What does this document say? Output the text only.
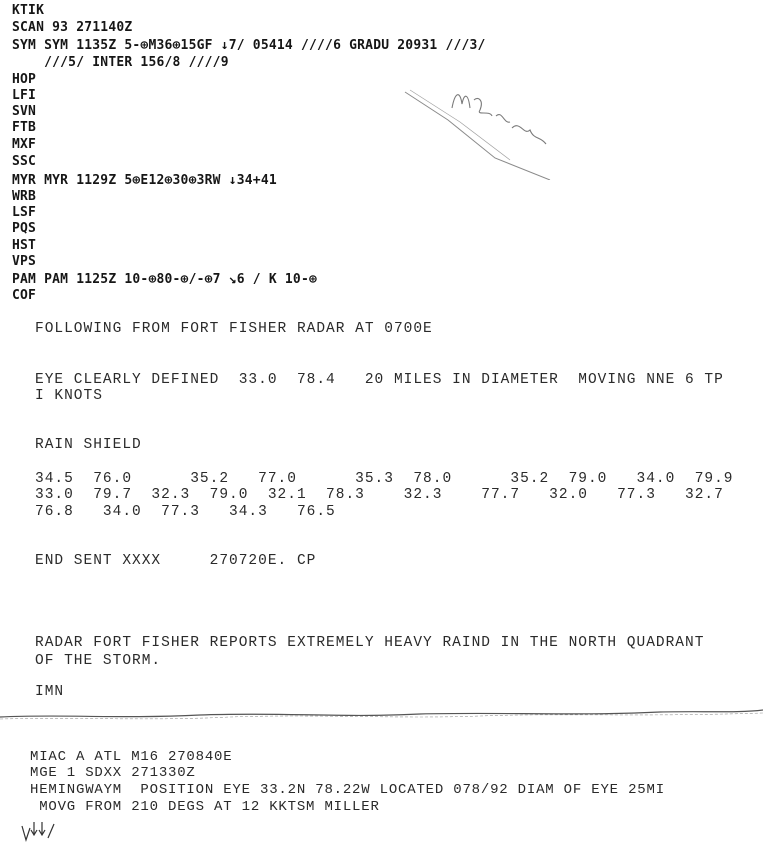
KTIK
SCAN 93 271140Z
SYM SYM 1135Z 5-⊕M36⊕15GF ↓7/ 05414 ////6 GRADU 20931 ///3/
///5/ INTER 156/8 ////9
HOP
LFI
SVN
FTB
MXF
SSC
MYR MYR 1129Z 5⊕E12⊕30⊕3RW ↓34+41
WRB
LSF
PQS
HST
VPS
PAM PAM 1125Z 10-⊕80-⊕/-⊕7 ↘6 / K 10-⊕
COF
FOLLOWING FROM FORT FISHER RADAR AT 0700E
EYE CLEARLY DEFINED  33.0  78.4   20 MILES IN DIAMETER  MOVING NNE 6 TP
I KNOTS
RAIN SHIELD
34.5  76.0      35.2   77.0      35.3  78.0      35.2  79.0   34.0  79.9
33.0  79.7  32.3  79.0  32.1  78.3    32.3    77.7   32.0   77.3   32.7
76.8   34.0  77.3   34.3   76.5
END SENT XXXX     270720E. CP
RADAR FORT FISHER REPORTS EXTREMELY HEAVY RAIND IN THE NORTH QUADRANT
OF THE STORM.
IMN
MIAC A ATL M16 270840E
MGE 1 SDXX 271330Z
HEMINGWAYM  POSITION EYE 33.2N 78.22W LOCATED 078/92 DIAM OF EYE 25MI
MOVG FROM 210 DEGS AT 12 KKTSM MILLER
